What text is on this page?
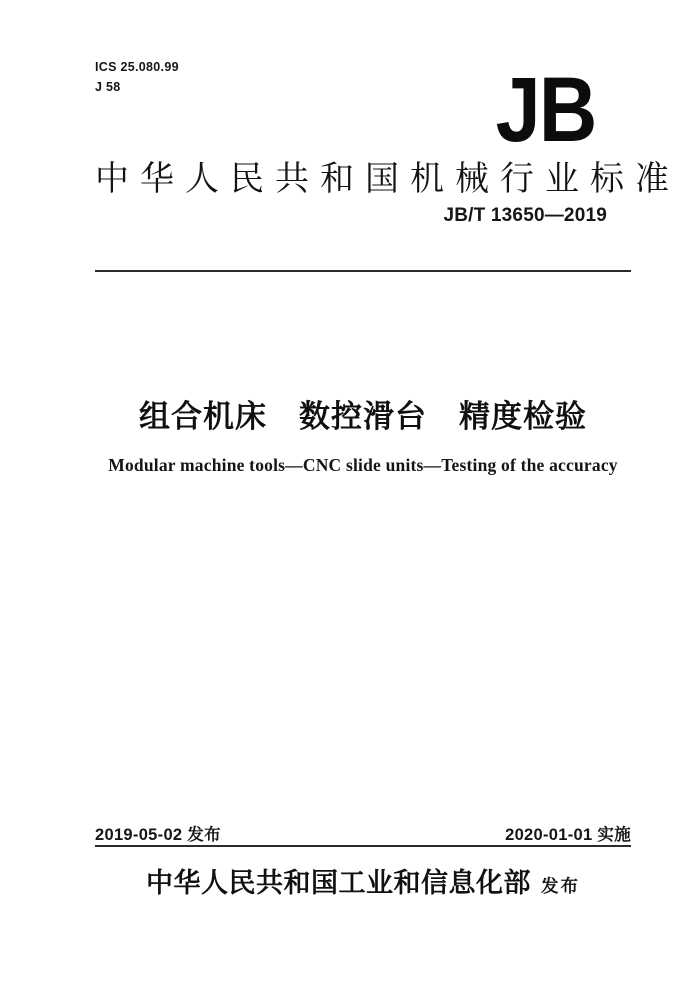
ICS 25.080.99
J 58	JB
中华人民共和国机械行业标准
JB/T 13650—2019
组合机床　数控滑台　精度检验
Modular machine tools—CNC slide units—Testing of the accuracy
2019-05-02 发布	2020-01-01 实施
中华人民共和国工业和信息化部 发布
